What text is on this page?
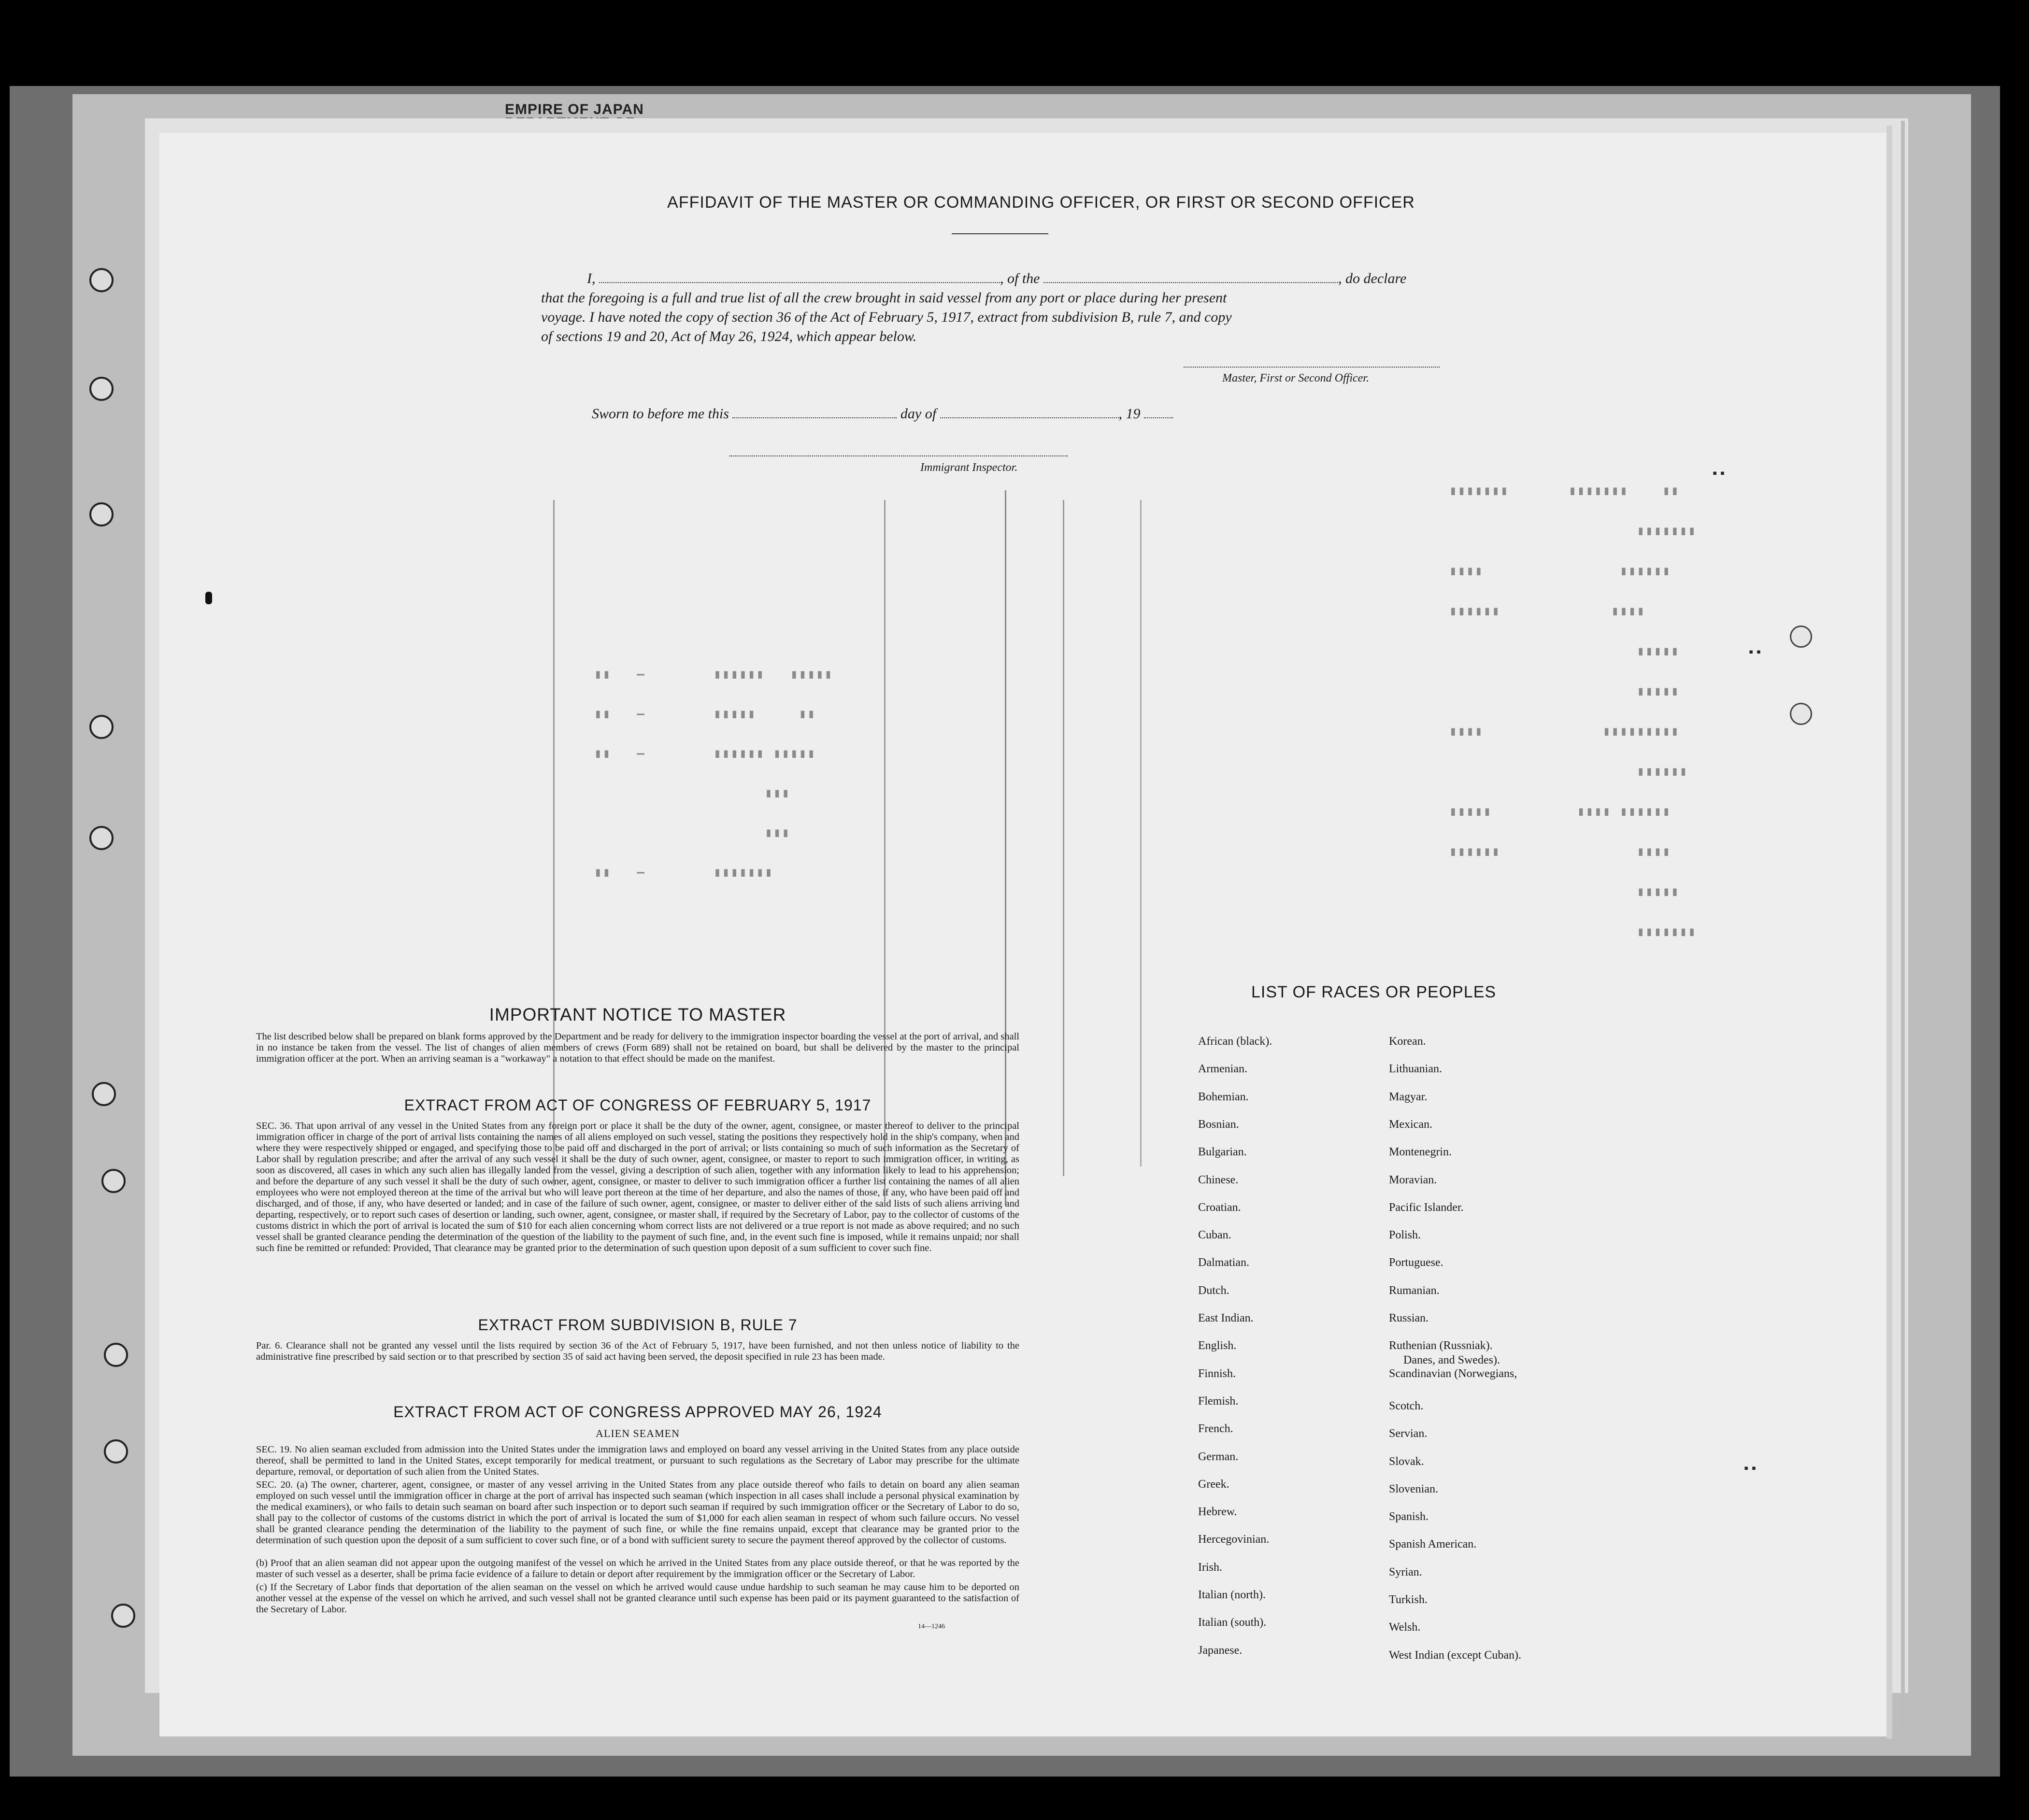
EMPIRE OF JAPAN
AFFIDAVIT OF THE MASTER OR COMMANDING OFFICER, OR FIRST OR SECOND OFFICER
I,	, of the	, do declare
that the foregoing is a full and true list of all the crew brought in said vessel from any port or place during her present
voyage. I have noted the copy of section 36 of the Act of February 5, 1917, extract from subdivision B, rule 7, and copy
of sections 19 and 20, Act of May 26, 1924, which appear below.
Master, First or Second Officer.
Sworn to before me this	day of	, 19
Immigrant Inspector.
▮▮▮▮▮▮▮       ▮▮▮▮▮▮▮    ▮▮
▮▮▮▮▮▮▮
▮▮▮▮                ▮▮▮▮▮▮
▮▮▮▮▮▮             ▮▮▮▮
▮▮▮▮▮
▮▮▮▮▮
▮▮▮▮              ▮▮▮▮▮▮▮▮▮
▮▮▮▮▮▮
▮▮▮▮▮          ▮▮▮▮ ▮▮▮▮▮▮
▮▮▮▮▮▮                ▮▮▮▮
▮▮▮▮▮
▮▮▮▮▮▮▮
▮▮   —        ▮▮▮▮▮▮   ▮▮▮▮▮
▮▮   —        ▮▮▮▮▮     ▮▮
▮▮   —        ▮▮▮▮▮▮ ▮▮▮▮▮
▮▮▮
▮▮▮
▮▮   —        ▮▮▮▮▮▮▮
IMPORTANT NOTICE TO MASTER
The list described below shall be prepared on blank forms approved by the Department and be ready for delivery to the immigration inspector boarding the vessel at the port of arrival, and shall in no instance be taken from the vessel. The list of changes of alien members of crews (Form 689) shall not be retained on board, but shall be delivered by the master to the principal immigration officer at the port. When an arriving seaman is a "workaway" a notation to that effect should be made on the manifest.
EXTRACT FROM ACT OF CONGRESS OF FEBRUARY 5, 1917
SEC. 36. That upon arrival of any vessel in the United States from any foreign port or place it shall be the duty of the owner, agent, consignee, or master thereof to deliver to the principal immigration officer in charge of the port of arrival lists containing the names of all aliens employed on such vessel, stating the positions they respectively hold in the ship's company, when and where they were respectively shipped or engaged, and specifying those to be paid off and discharged in the port of arrival; or lists containing so much of such information as the Secretary of Labor shall by regulation prescribe; and after the arrival of any such vessel it shall be the duty of such owner, agent, consignee, or master to report to such immigration officer, in writing, as soon as discovered, all cases in which any such alien has illegally landed from the vessel, giving a description of such alien, together with any information likely to lead to his apprehension; and before the departure of any such vessel it shall be the duty of such owner, agent, consignee, or master to deliver to such immigration officer a further list containing the names of all alien employees who were not employed thereon at the time of the arrival but who will leave port thereon at the time of her departure, and also the names of those, if any, who have been paid off and discharged, and of those, if any, who have deserted or landed; and in case of the failure of such owner, agent, consignee, or master to deliver either of the said lists of such aliens arriving and departing, respectively, or to report such cases of desertion or landing, such owner, agent, consignee, or master shall, if required by the Secretary of Labor, pay to the collector of customs of the customs district in which the port of arrival is located the sum of $10 for each alien concerning whom correct lists are not delivered or a true report is not made as above required; and no such vessel shall be granted clearance pending the determination of the question of the liability to the payment of such fine, and, in the event such fine is imposed, while it remains unpaid; nor shall such fine be remitted or refunded: Provided, That clearance may be granted prior to the determination of such question upon deposit of a sum sufficient to cover such fine.
EXTRACT FROM SUBDIVISION B, RULE 7
Par. 6. Clearance shall not be granted any vessel until the lists required by section 36 of the Act of February 5, 1917, have been furnished, and not then unless notice of liability to the administrative fine prescribed by said section or to that prescribed by section 35 of said act having been served, the deposit specified in rule 23 has been made.
EXTRACT FROM ACT OF CONGRESS APPROVED MAY 26, 1924
ALIEN SEAMEN
SEC. 19. No alien seaman excluded from admission into the United States under the immigration laws and employed on board any vessel arriving in the United States from any place outside thereof, shall be permitted to land in the United States, except temporarily for medical treatment, or pursuant to such regulations as the Secretary of Labor may prescribe for the ultimate departure, removal, or deportation of such alien from the United States.
SEC. 20. (a) The owner, charterer, agent, consignee, or master of any vessel arriving in the United States from any place outside thereof who fails to detain on board any alien seaman employed on such vessel until the immigration officer in charge at the port of arrival has inspected such seaman (which inspection in all cases shall include a personal physical examination by the medical examiners), or who fails to detain such seaman on board after such inspection or to deport such seaman if required by such immigration officer or the Secretary of Labor to do so, shall pay to the collector of customs of the customs district in which the port of arrival is located the sum of $1,000 for each alien seaman in respect of whom such failure occurs. No vessel shall be granted clearance pending the determination of the liability to the payment of such fine, or while the fine remains unpaid, except that clearance may be granted prior to the determination of such question upon the deposit of a sum sufficient to cover such fine, or of a bond with sufficient surety to secure the payment thereof approved by the collector of customs.
(b) Proof that an alien seaman did not appear upon the outgoing manifest of the vessel on which he arrived in the United States from any place outside thereof, or that he was reported by the master of such vessel as a deserter, shall be prima facie evidence of a failure to detain or deport after requirement by the immigration officer or the Secretary of Labor.
(c) If the Secretary of Labor finds that deportation of the alien seaman on the vessel on which he arrived would cause undue hardship to such seaman he may cause him to be deported on another vessel at the expense of the vessel on which he arrived, and such vessel shall not be granted clearance until such expense has been paid or its payment guaranteed to the satisfaction of the Secretary of Labor.
14—1246
LIST OF RACES OR PEOPLES
▪ ▪
▪ ▪
▪ ▪
African (black).
Armenian.
Bohemian.
Bosnian.
Bulgarian.
Chinese.
Croatian.
Cuban.
Dalmatian.
Dutch.
East Indian.
English.
Finnish.
Flemish.
French.
German.
Greek.
Hebrew.
Hercegovinian.
Irish.
Italian (north).
Italian (south).
Japanese.
Korean.
Lithuanian.
Magyar.
Mexican.
Montenegrin.
Moravian.
Pacific Islander.
Polish.
Portuguese.
Rumanian.
Russian.
Ruthenian (Russniak).
Scandinavian (Norwegians,
Danes, and Swedes).
Scotch.
Servian.
Slovak.
Slovenian.
Spanish.
Spanish American.
Syrian.
Turkish.
Welsh.
West Indian (except Cuban).
